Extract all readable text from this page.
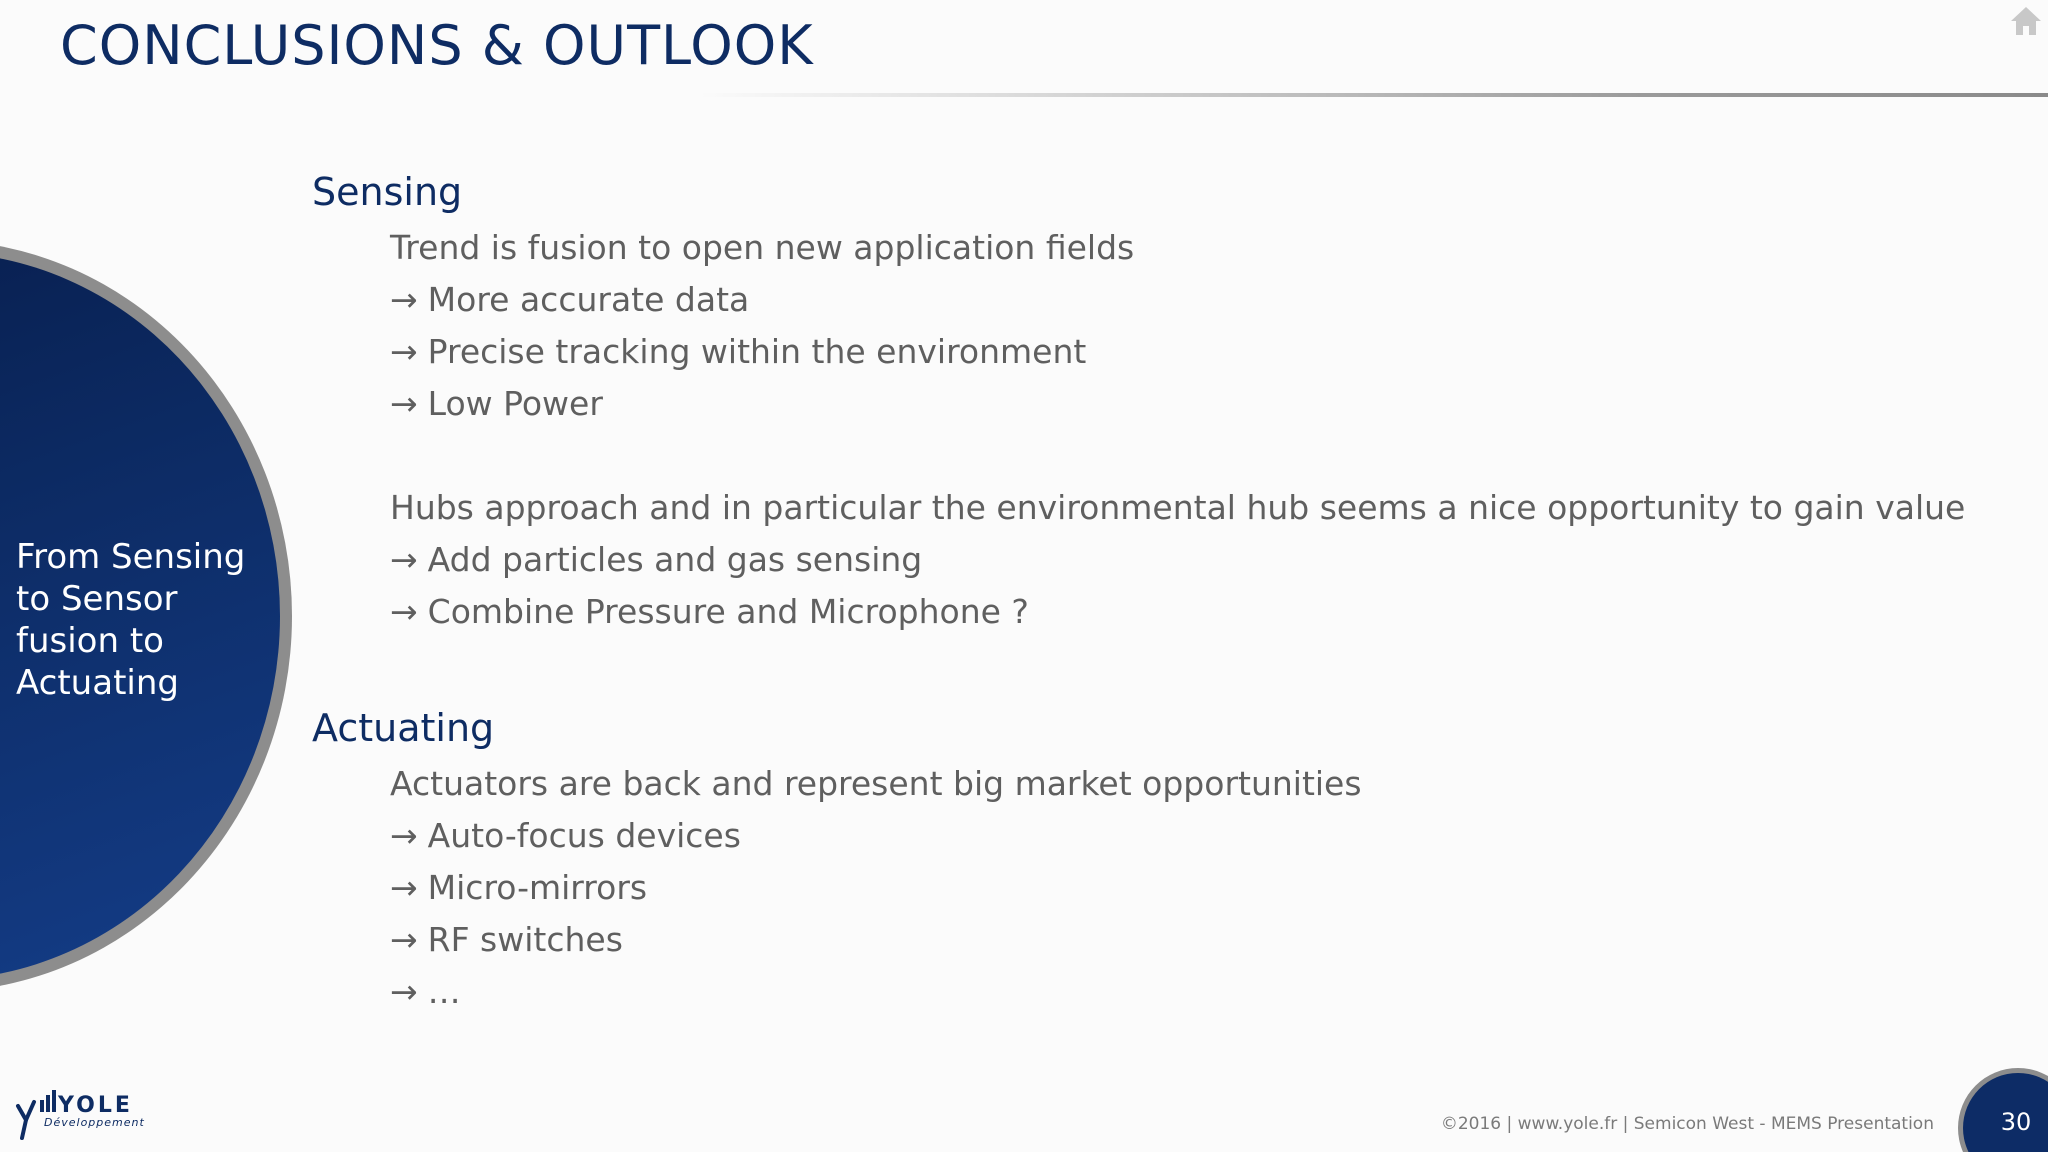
CONCLUSIONS & OUTLOOK
From Sensing to Sensor fusion to Actuating
Sensing
Trend is fusion to open new application fields
→ More accurate data
→ Precise tracking within the environment
→ Low Power
Hubs approach and in particular the environmental hub seems a nice opportunity to gain value
→ Add particles and gas sensing
→ Combine Pressure and Microphone ?
Actuating
Actuators are back and represent big market opportunities
→ Auto-focus devices
→ Micro-mirrors
→ RF switches
→ …
YOLE
Développement	©2016 | www.yole.fr | Semicon West - MEMS Presentation	30
